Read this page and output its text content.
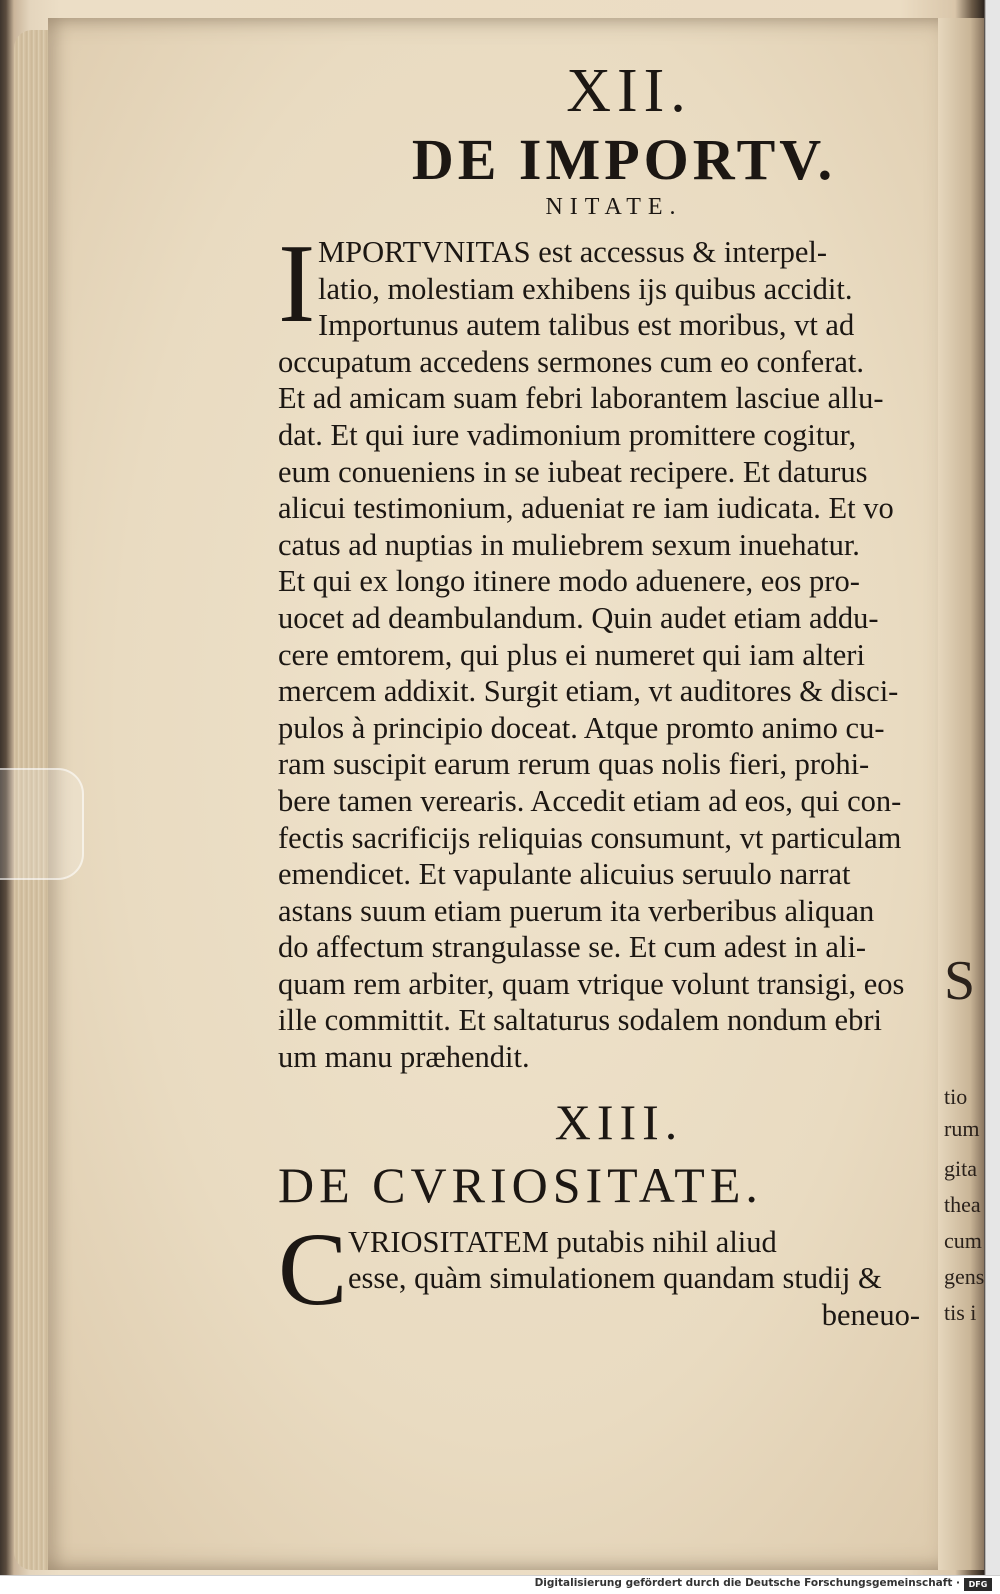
S
tio
rum
gita
thea
cum
gens
tis i
XII.
DE IMPORTV.
NITATE.
I MPORTVNITAS est accessus & interpel-
latio, molestiam exhibens ijs quibus accidit.
Importunus autem talibus est moribus, vt ad
occupatum accedens sermones cum eo conferat.
Et ad amicam suam febri laborantem lasciue allu-
dat. Et qui iure vadimonium promittere cogitur,
eum conueniens in se iubeat recipere. Et daturus
alicui testimonium, adueniat re iam iudicata. Et vo
catus ad nuptias in muliebrem sexum inuehatur.
Et qui ex longo itinere modo aduenere, eos pro-
uocet ad deambulandum. Quin audet etiam addu-
cere emtorem, qui plus ei numeret qui iam alteri
mercem addixit. Surgit etiam, vt auditores & disci-
pulos à principio doceat. Atque promto animo cu-
ram suscipit earum rerum quas nolis fieri, prohi-
bere tamen verearis. Accedit etiam ad eos, qui con-
fectis sacrificijs reliquias consumunt, vt particulam
emendicet. Et vapulante alicuius seruulo narrat
astans suum etiam puerum ita verberibus aliquan
do affectum strangulasse se. Et cum adest in ali-
quam rem arbiter, quam vtrique volunt transigi, eos
ille committit. Et saltaturus sodalem nondum ebri
um manu præhendit.
XIII.
DE CVRIOSITATE.
C VRIOSITATEM putabis nihil aliud
esse, quàm simulationem quandam studij &
beneuo-
Digitalisierung gefördert durch die Deutsche Forschungsgemeinschaft ·	DFG
